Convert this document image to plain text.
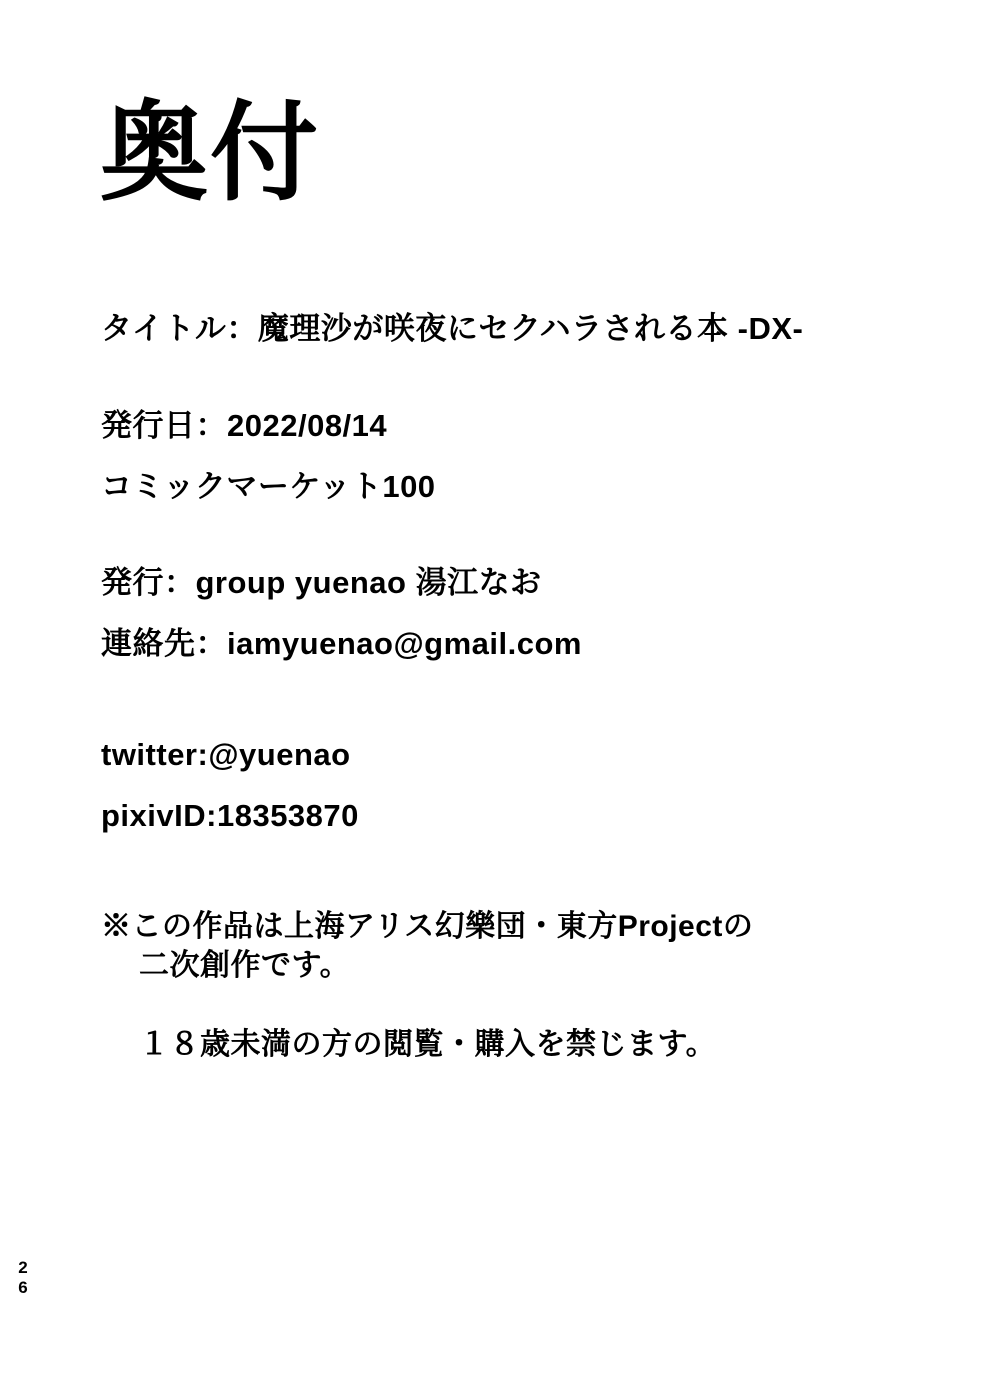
奥付
タイトル：魔理沙が咲夜にセクハラされる本 -DX-
発行日：2022/08/14
コミックマーケット100
発行：group yuenao 湯江なお
連絡先：iamyuenao@gmail.com
twitter:@yuenao
pixivID:18353870
※この作品は上海アリス幻樂団・東方Projectの
二次創作です。
１８歳未満の方の閲覧・購入を禁じます。
2
6
